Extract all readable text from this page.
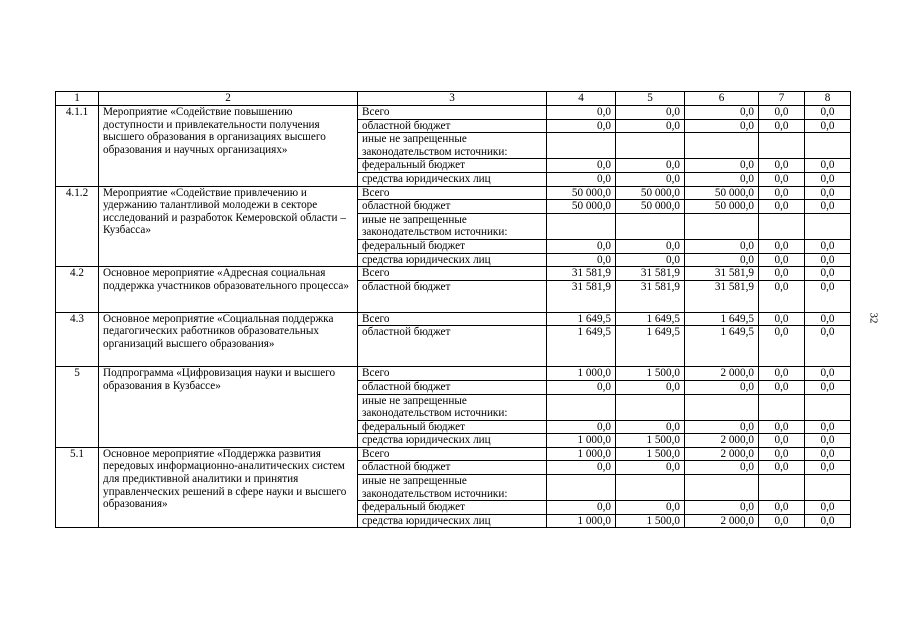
1	2	3	4	5	6	7	8
4.1.1	Мероприятие «Содействие повышению доступности и привлекательности получения высшего образования в организациях высшего образования и научных организациях»	Всего	0,0	0,0	0,0	0,0	0,0
		областной бюджет	0,0	0,0	0,0	0,0	0,0
		иные не запрещенные законодательством источники:					
		федеральный бюджет	0,0	0,0	0,0	0,0	0,0
		средства юридических лиц	0,0	0,0	0,0	0,0	0,0
4.1.2	Мероприятие «Содействие привлечению и удержанию талантливой молодежи в секторе исследований и разработок Кемеровской области – Кузбасса»	Всего	50 000,0	50 000,0	50 000,0	0,0	0,0
		областной бюджет	50 000,0	50 000,0	50 000,0	0,0	0,0
		иные не запрещенные законодательством источники:					
		федеральный бюджет	0,0	0,0	0,0	0,0	0,0
		средства юридических лиц	0,0	0,0	0,0	0,0	0,0
4.2	Основное мероприятие «Адресная социальная поддержка участников образовательного процесса»	Всего	31 581,9	31 581,9	31 581,9	0,0	0,0
		областной бюджет	31 581,9	31 581,9	31 581,9	0,0	0,0
4.3	Основное мероприятие «Социальная поддержка педагогических работников образовательных организаций высшего образования»	Всего	1 649,5	1 649,5	1 649,5	0,0	0,0
		областной бюджет	1 649,5	1 649,5	1 649,5	0,0	0,0
5	Подпрограмма «Цифровизация науки и высшего образования в Кузбассе»	Всего	1 000,0	1 500,0	2 000,0	0,0	0,0
		областной бюджет	0,0	0,0	0,0	0,0	0,0
		иные не запрещенные законодательством источники:					
		федеральный бюджет	0,0	0,0	0,0	0,0	0,0
		средства юридических лиц	1 000,0	1 500,0	2 000,0	0,0	0,0
5.1	Основное мероприятие «Поддержка развития передовых информационно-аналитических систем для предиктивной аналитики и принятия управленческих решений в сфере науки и высшего образования»	Всего	1 000,0	1 500,0	2 000,0	0,0	0,0
		областной бюджет	0,0	0,0	0,0	0,0	0,0
		иные не запрещенные законодательством источники:					
		федеральный бюджет	0,0	0,0	0,0	0,0	0,0
		средства юридических лиц	1 000,0	1 500,0	2 000,0	0,0	0,0
32
